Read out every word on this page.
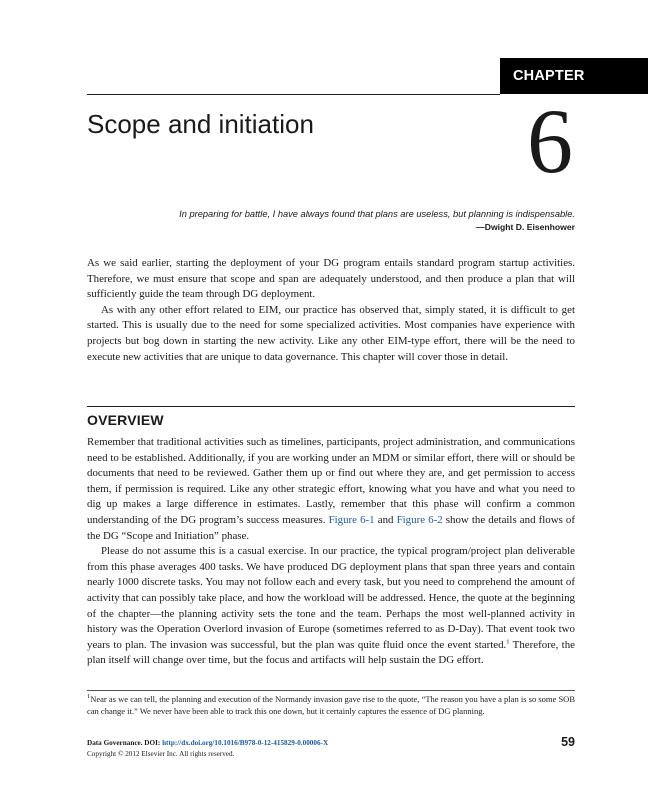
CHAPTER
Scope and initiation 6
In preparing for battle, I have always found that plans are useless, but planning is indispensable.
—Dwight D. Eisenhower

As we said earlier, starting the deployment of your DG program entails standard program startup activities. Therefore, we must ensure that scope and span are adequately understood, and then produce a plan that will sufficiently guide the team through DG deployment.

As with any other effort related to EIM, our practice has observed that, simply stated, it is difficult to get started. This is usually due to the need for some specialized activities. Most companies have experience with projects but bog down in starting the new activity. Like any other EIM-type effort, there will be the need to execute new activities that are unique to data governance. This chapter will cover those in detail.

OVERVIEW

Remember that traditional activities such as timelines, participants, project administration, and communications need to be established. Additionally, if you are working under an MDM or similar effort, there will or should be documents that need to be reviewed. Gather them up or find out where they are, and get permission to access them, if permission is required. Like any other strategic effort, knowing what you have and what you need to dig up makes a large difference in estimates. Lastly, remember that this phase will confirm a common understanding of the DG program’s success measures. Figure 6-1 and Figure 6-2 show the details and flows of the DG “Scope and Initiation” phase.

Please do not assume this is a casual exercise. In our practice, the typical program/project plan deliverable from this phase averages 400 tasks. We have produced DG deployment plans that span three years and contain nearly 1000 discrete tasks. You may not follow each and every task, but you need to comprehend the amount of activity that can possibly take place, and how the workload will be addressed. Hence, the quote at the beginning of the chapter—the planning activity sets the tone and the team. Perhaps the most well-planned activity in history was the Operation Overlord invasion of Europe (sometimes referred to as D-Day). That event took two years to plan. The invasion was successful, but the plan was quite fluid once the event started.$^1$ Therefore, the plan itself will change over time, but the focus and artifacts will help sustain the DG effort.

$^1$Near as we can tell, the planning and execution of the Normandy invasion gave rise to the quote, “The reason you have a plan is so some SOB can change it.” We never have been able to track this one down, but it certainly captures the essence of DG planning.
Data Governance. DOI: http://dx.doi.org/10.1016/B978-0-12-415829-0.00006-X
Copyright © 2012 Elsevier Inc. All rights reserved.
59
